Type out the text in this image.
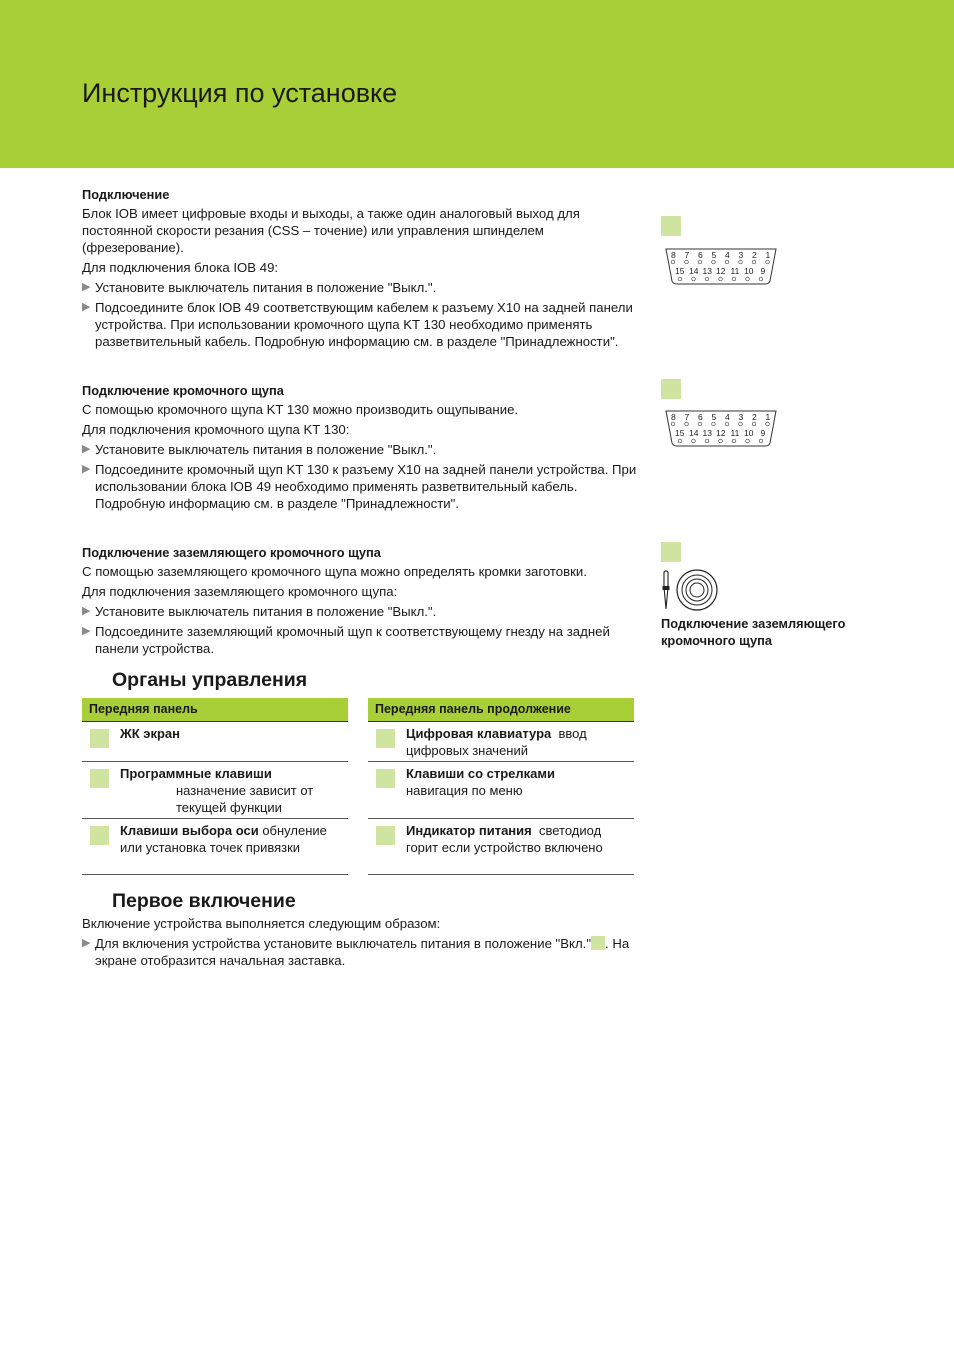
Инструкция по установке
Подключение
Блок IOB имеет цифровые входы и выходы, а также один аналоговый выход для постоянной скорости резания (CSS – точение) или управления шпинделем (фрезерование).
Для подключения блока IOB 49:
▶ Установите выключатель питания в положение "Выкл.".
▶ Подсоедините блок IOB 49 соответствующим кабелем к разъему X10 на задней панели устройства. При использовании кромочного щупа KT 130 необходимо применять разветвительный кабель. Подробную информацию см. в разделе "Принадлежности".
Подключение кромочного щупа
С помощью кромочного щупа KT 130 можно производить ощупывание.
Для подключения кромочного щупа KT 130:
▶ Установите выключатель питания в положение "Выкл.".
▶ Подсоедините кромочный щуп KT 130 к разъему X10 на задней панели устройства. При использовании блока IOB 49 необходимо применять разветвительный кабель. Подробную информацию см. в разделе "Принадлежности".
Подключение заземляющего кромочного щупа
С помощью заземляющего кромочного щупа можно определять кромки заготовки.
Для подключения заземляющего кромочного щупа:
▶ Установите выключатель питания в положение "Выкл.".
▶ Подсоедините заземляющий кромочный щуп к соответствующему гнезду на задней панели устройства.
Органы управления
Передняя панель
ЖК экран
Программные клавиши
назначение зависит от текущей функции
Клавиши выбора оси обнуление или установка точек привязки
Передняя панель продолжение
Цифровая клавиатура ввод цифровых значений
Клавиши со стрелками
навигация по меню
Индикатор питания светодиод горит если устройство включено
Первое включение
Включение устройства выполняется следующим образом:
▶ Для включения устройства установите выключатель питания в положение "Вкл." . На экране отобразится начальная заставка.
8 7 6 5 4 3 2 1
15 14 13 12 11 10 9
8 7 6 5 4 3 2 1
15 14 13 12 11 10 9
Подключение заземляющего кромочного щупа
